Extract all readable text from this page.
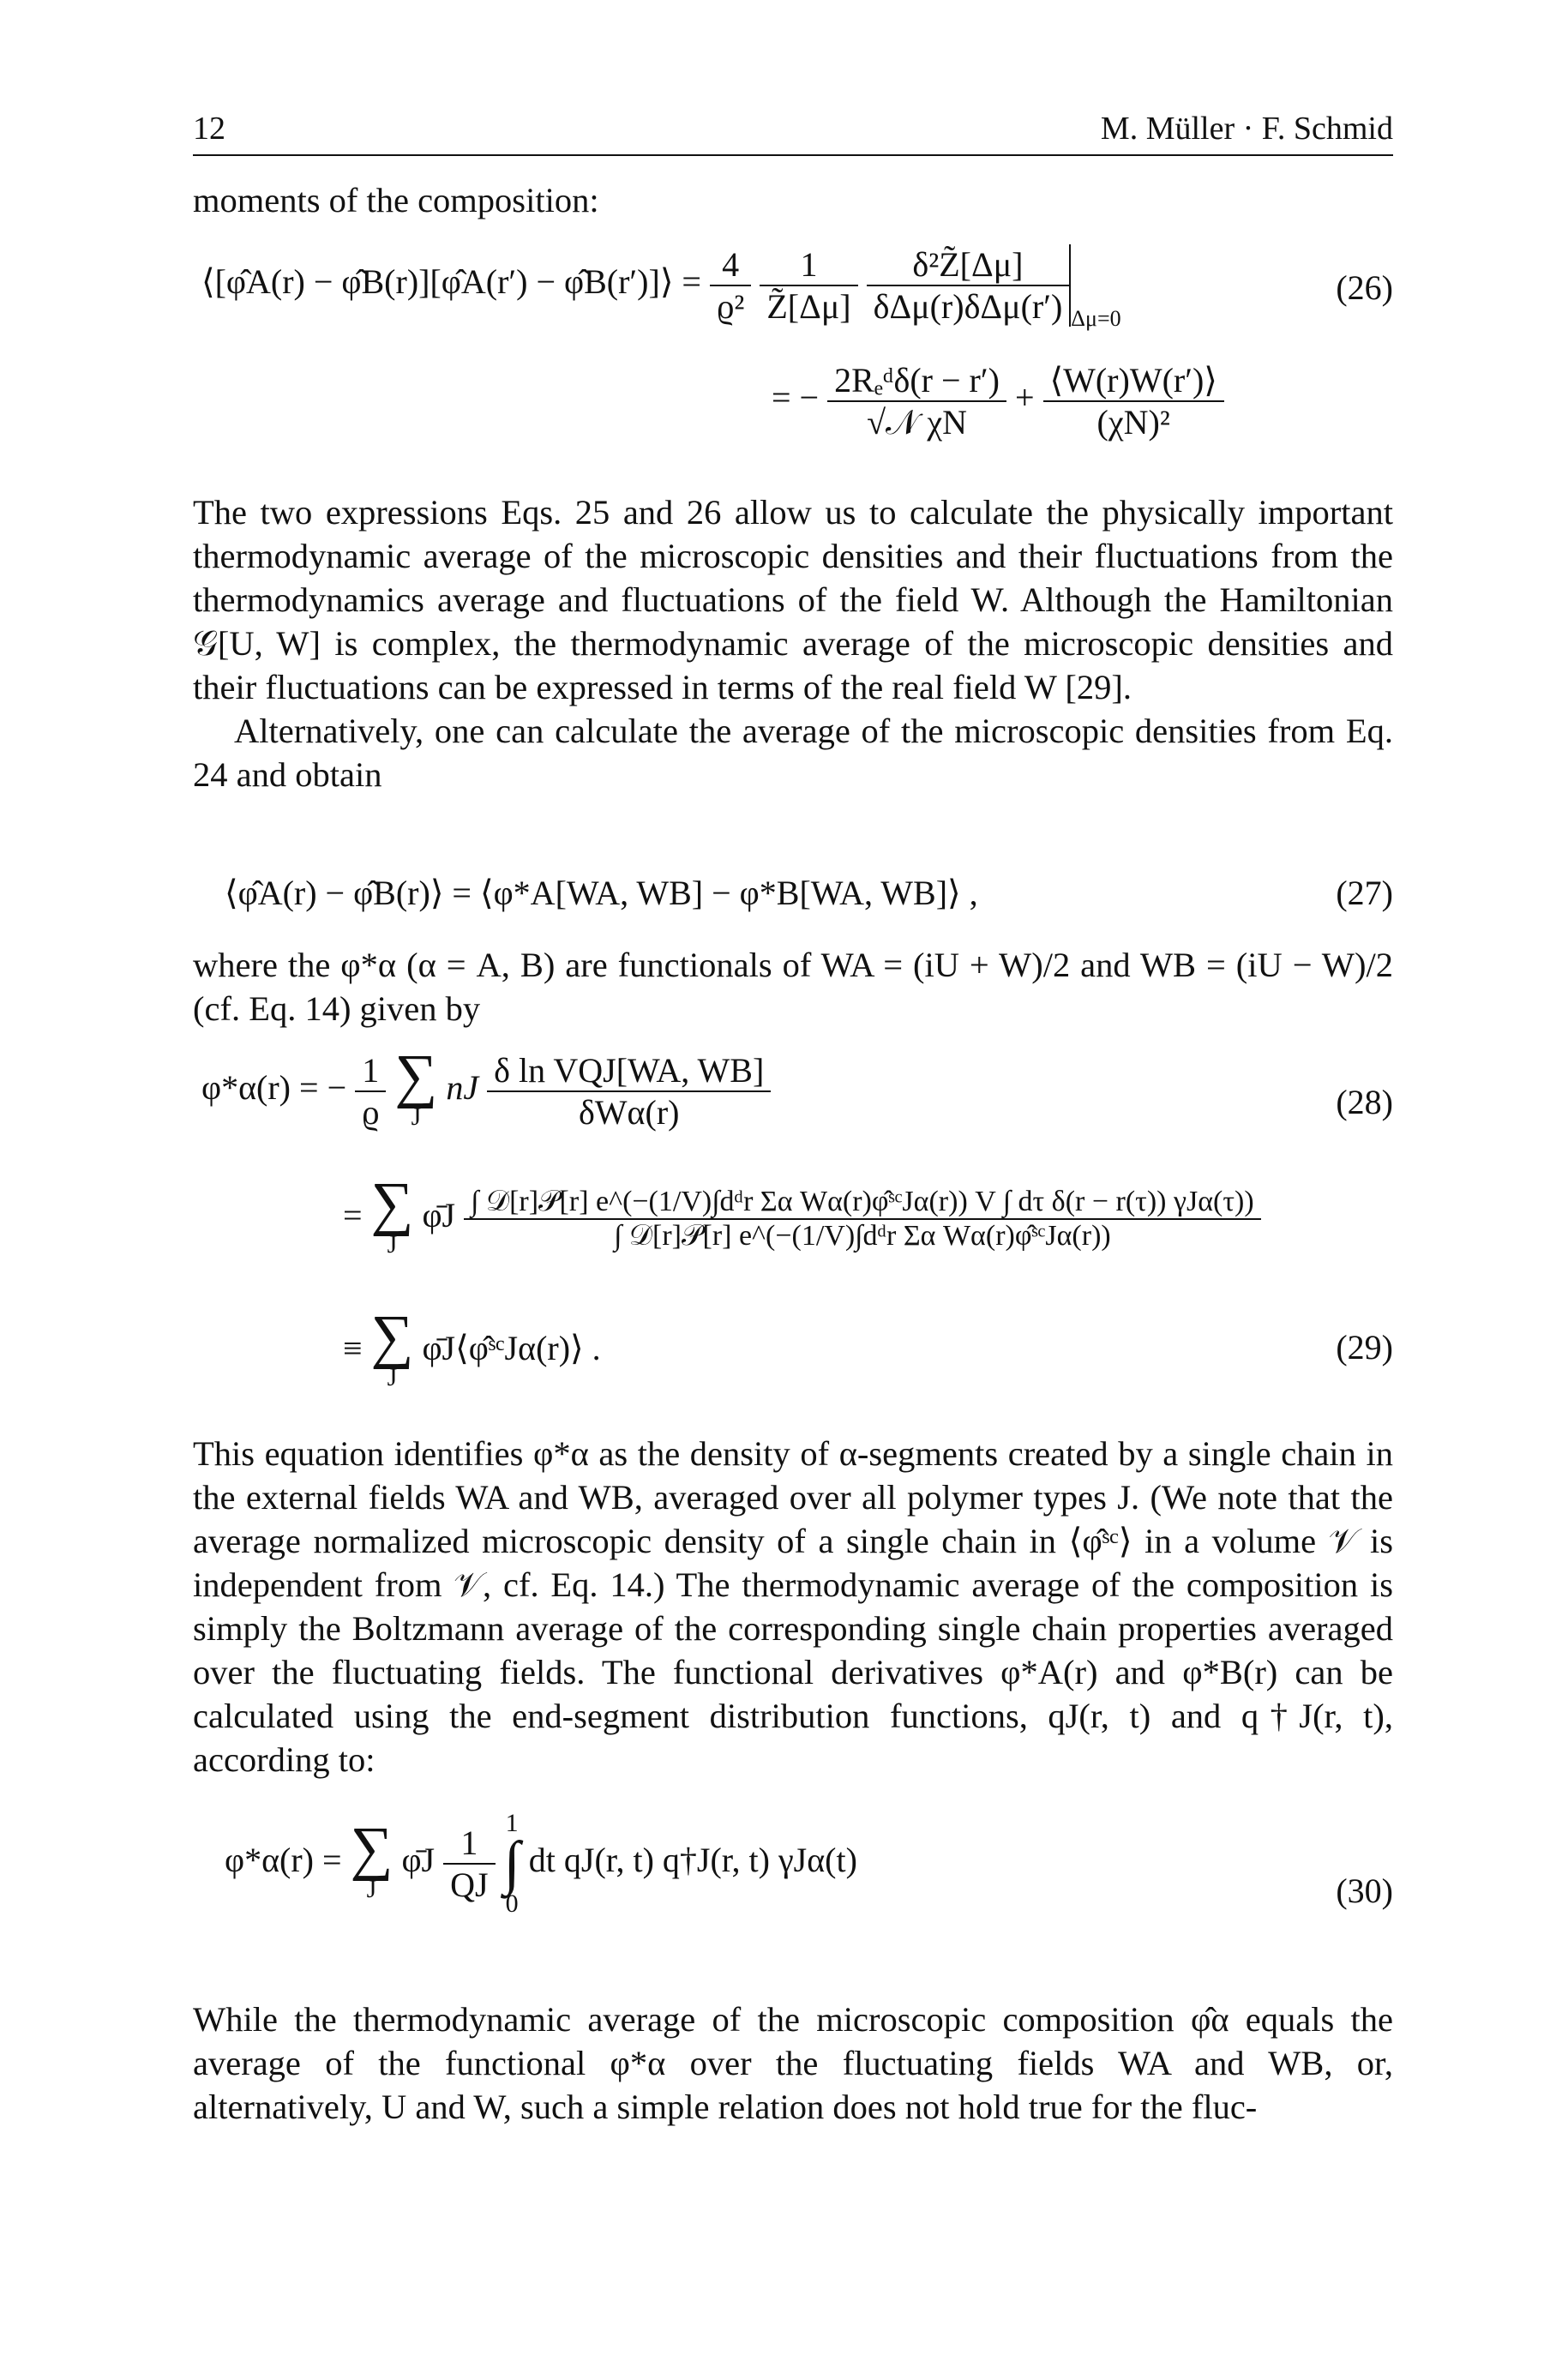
12	M. Müller · F. Schmid

moments of the composition:

⟨[φ̂A(r) − φ̂B(r)][φ̂A(r′) − φ̂B(r′)]⟩ = $\frac{4}{\text{ϱ²}}$
$\frac{1}{Z̃[\Delta\mu]}$
$\frac{\text{δ²Z̃[Δμ]}}{\text{δΔμ(r)δΔμ(r′)}} _{\Delta\mu=0}$
(26)
= − $\frac{\text{2Rₑᵈδ(r − r′)}}{\text{√𝒩 χN}} + \frac{⟨W(r)W(r')⟩}{\text{(χN)²}}$

The two expressions Eqs. 25 and 26 allow us to calculate the physically important thermodynamic average of the microscopic densities and their fluctuations from the thermodynamics average and fluctuations of the field W. Although the Hamiltonian 𝒢[U, W] is complex, the thermodynamic average of the microscopic densities and their fluctuations can be expressed in terms of the real field W [29].

Alternatively, one can calculate the average of the microscopic densities from Eq. 24 and obtain

⟨φ̂A(r) − φ̂B(r)⟩ = ⟨φ*A[WA, WB] − φ*B[WA, WB]⟩ ,	(27)

where the φ*α (α = A, B) are functionals of WA = (iU + W)/2 and WB = (iU − W)/2 (cf. Eq. 14) given by

φ*α(r) = − $\frac{1}{ϱ}$ ∑
J
nJ $\frac{\text{δ ln VQJ[WA, WB]}}{\text{δWα(r)}}$	(28)
= ∑
J
φ̄J ∫ 𝒟[r]𝒫[r] e^(−(1/V)∫dᵈr Σα Wα(r)φ̂ˢᶜJα(r)) V ∫ dτ δ(r − r(τ)) γJα(τ))
∫ 𝒟[r]𝒫[r] e^(−(1/V)∫dᵈr Σα Wα(r)φ̂ˢᶜJα(r))
≡ ∑
J
φ̄J⟨φ̂ˢᶜJα(r)⟩ .	(29)

This equation identifies φ*α as the density of α-segments created by a single chain in the external fields WA and WB, averaged over all polymer types J. (We note that the average normalized microscopic density of a single chain in ⟨φ̂ˢᶜ⟩ in a volume 𝒱 is independent from 𝒱, cf. Eq. 14.) The thermodynamic average of the composition is simply the Boltzmann average of the corresponding single chain properties averaged over the fluctuating fields. The functional derivatives φ*A(r) and φ*B(r) can be calculated using the end-segment distribution functions, qJ(r, t) and q†J(r, t), according to:

φ*α(r) = ∑
J
φ̄J $\frac{1}{QJ}$
1
∫
0
dt qJ(r, t) q†J(r, t) γJα(t)
(30)

While the thermodynamic average of the microscopic composition φ̂α equals the average of the functional φ*α over the fluctuating fields WA and WB, or, alternatively, U and W, such a simple relation does not hold true for the fluc-
